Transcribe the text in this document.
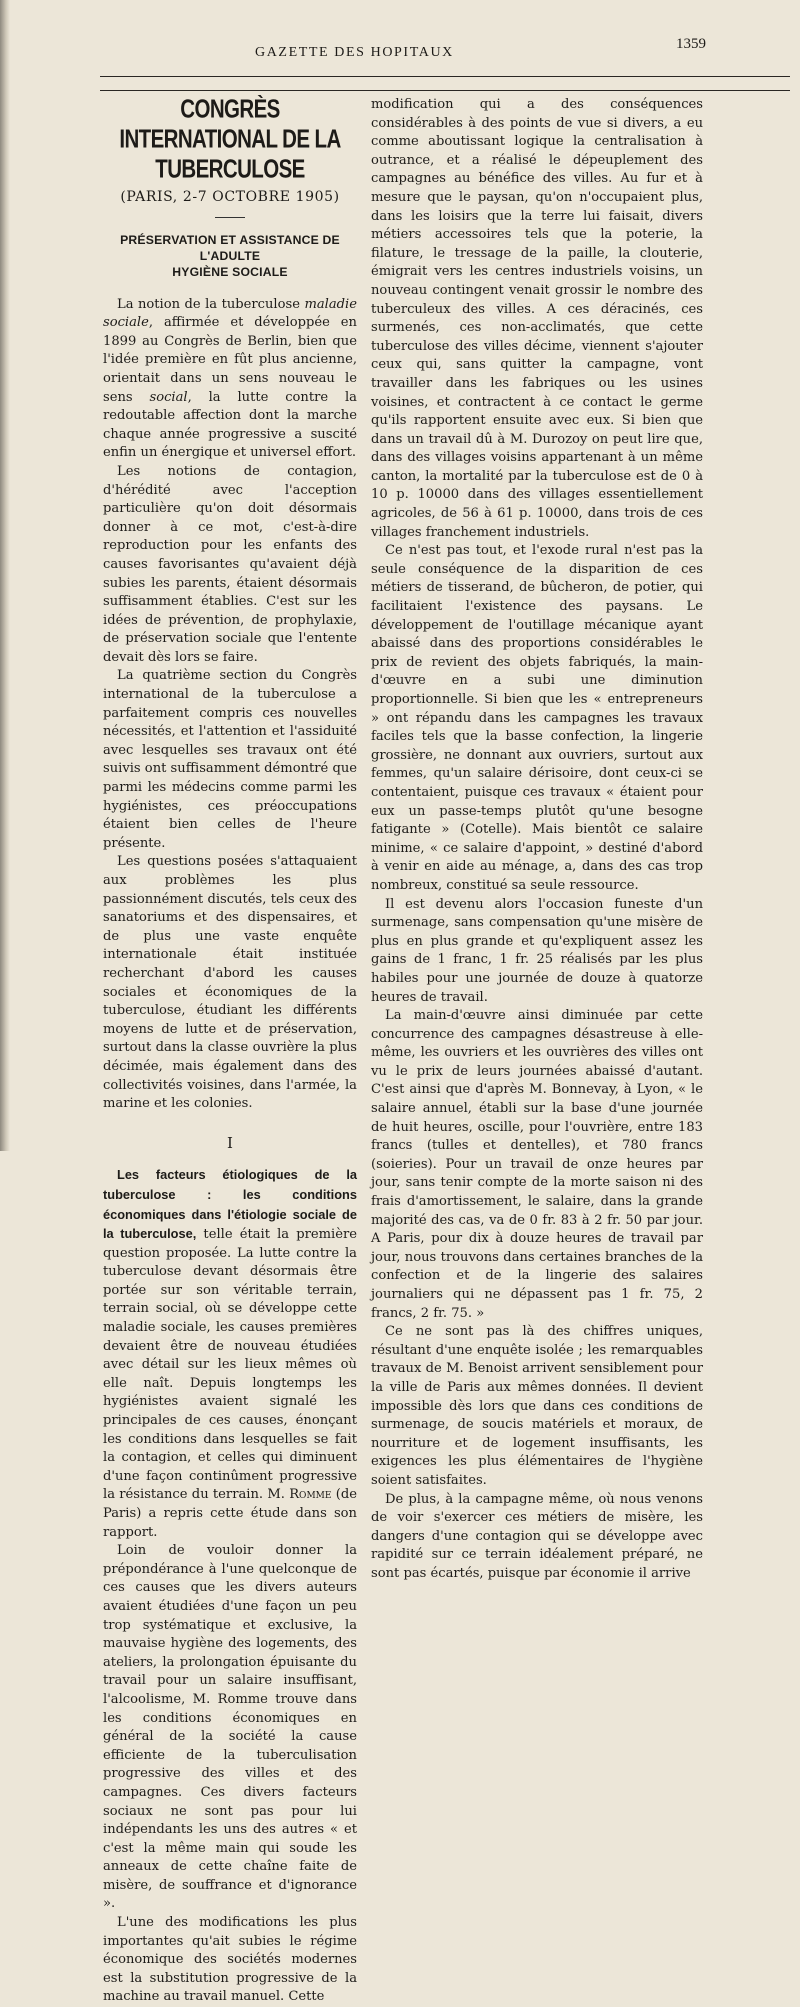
GAZETTE DES HOPITAUX
1359
CONGRÈS INTERNATIONAL DE LA TUBERCULOSE
(PARIS, 2-7 OCTOBRE 1905)
PRÉSERVATION ET ASSISTANCE DE L'ADULTE
HYGIÈNE SOCIALE

La notion de la tuberculose maladie sociale, affirmée et développée en 1899 au Congrès de Berlin, bien que l'idée première en fût plus ancienne, orientait dans un sens nouveau le sens social, la lutte contre la redoutable affection dont la marche chaque année progressive a suscité enfin un énergique et universel effort.

Les notions de contagion, d'hérédité avec l'acception particulière qu'on doit désormais donner à ce mot, c'est-à-dire reproduction pour les enfants des causes favorisantes qu'avaient déjà subies les parents, étaient désormais suffisamment établies. C'est sur les idées de prévention, de prophylaxie, de préservation sociale que l'entente devait dès lors se faire.

La quatrième section du Congrès international de la tuberculose a parfaitement compris ces nouvelles nécessités, et l'attention et l'assiduité avec lesquelles ses travaux ont été suivis ont suffisamment démontré que parmi les médecins comme parmi les hygiénistes, ces préoccupations étaient bien celles de l'heure présente.

Les questions posées s'attaquaient aux problèmes les plus passionnément discutés, tels ceux des sanatoriums et des dispensaires, et de plus une vaste enquête internationale était instituée recherchant d'abord les causes sociales et économiques de la tuberculose, étudiant les différents moyens de lutte et de préservation, surtout dans la classe ouvrière la plus décimée, mais également dans des collectivités voisines, dans l'armée, la marine et les colonies.

I

Les facteurs étiologiques de la tuberculose : les conditions économiques dans l'étiologie sociale de la tuberculose, telle était la première question proposée. La lutte contre la tuberculose devant désormais être portée sur son véritable terrain, terrain social, où se développe cette maladie sociale, les causes premières devaient être de nouveau étudiées avec détail sur les lieux mêmes où elle naît. Depuis longtemps les hygiénistes avaient signalé les principales de ces causes, énonçant les conditions dans lesquelles se fait la contagion, et celles qui diminuent d'une façon continûment progressive la résistance du terrain. M. Romme (de Paris) a repris cette étude dans son rapport.

Loin de vouloir donner la prépondérance à l'une quelconque de ces causes que les divers auteurs avaient étudiées d'une façon un peu trop systématique et exclusive, la mauvaise hygiène des logements, des ateliers, la prolongation épuisante du travail pour un salaire insuffisant, l'alcoolisme, M. Romme trouve dans les conditions économiques en général de la société la cause efficiente de la tuberculisation progressive des villes et des campagnes. Ces divers facteurs sociaux ne sont pas pour lui indépendants les uns des autres « et c'est la même main qui soude les anneaux de cette chaîne faite de misère, de souffrance et d'ignorance ».

L'une des modifications les plus importantes qu'ait subies le régime économique des sociétés modernes est la substitution progressive de la machine au travail manuel. Cette

modification qui a des conséquences considérables à des points de vue si divers, a eu comme aboutissant logique la centralisation à outrance, et a réalisé le dépeuplement des campagnes au bénéfice des villes. Au fur et à mesure que le paysan, qu'on n'occupaient plus, dans les loisirs que la terre lui faisait, divers métiers accessoires tels que la poterie, la filature, le tressage de la paille, la clouterie, émigrait vers les centres industriels voisins, un nouveau contingent venait grossir le nombre des tuberculeux des villes. A ces déracinés, ces surmenés, ces non-acclimatés, que cette tuberculose des villes décime, viennent s'ajouter ceux qui, sans quitter la campagne, vont travailler dans les fabriques ou les usines voisines, et contractent à ce contact le germe qu'ils rapportent ensuite avec eux. Si bien que dans un travail dû à M. Durozoy on peut lire que, dans des villages voisins appartenant à un même canton, la mortalité par la tuberculose est de 0 à 10 p. 10000 dans des villages essentiellement agricoles, de 56 à 61 p. 10000, dans trois de ces villages franchement industriels.

Ce n'est pas tout, et l'exode rural n'est pas la seule conséquence de la disparition de ces métiers de tisserand, de bûcheron, de potier, qui facilitaient l'existence des paysans. Le développement de l'outillage mécanique ayant abaissé dans des proportions considérables le prix de revient des objets fabriqués, la main-d'œuvre en a subi une diminution proportionnelle. Si bien que les « entrepreneurs » ont répandu dans les campagnes les travaux faciles tels que la basse confection, la lingerie grossière, ne donnant aux ouvriers, surtout aux femmes, qu'un salaire dérisoire, dont ceux-ci se contentaient, puisque ces travaux « étaient pour eux un passe-temps plutôt qu'une besogne fatigante » (Cotelle). Mais bientôt ce salaire minime, « ce salaire d'appoint, » destiné d'abord à venir en aide au ménage, a, dans des cas trop nombreux, constitué sa seule ressource.

Il est devenu alors l'occasion funeste d'un surmenage, sans compensation qu'une misère de plus en plus grande et qu'expliquent assez les gains de 1 franc, 1 fr. 25 réalisés par les plus habiles pour une journée de douze à quatorze heures de travail.

La main-d'œuvre ainsi diminuée par cette concurrence des campagnes désastreuse à elle-même, les ouvriers et les ouvrières des villes ont vu le prix de leurs journées abaissé d'autant. C'est ainsi que d'après M. Bonnevay, à Lyon, « le salaire annuel, établi sur la base d'une journée de huit heures, oscille, pour l'ouvrière, entre 183 francs (tulles et dentelles), et 780 francs (soieries). Pour un travail de onze heures par jour, sans tenir compte de la morte saison ni des frais d'amortissement, le salaire, dans la grande majorité des cas, va de 0 fr. 83 à 2 fr. 50 par jour. A Paris, pour dix à douze heures de travail par jour, nous trouvons dans certaines branches de la confection et de la lingerie des salaires journaliers qui ne dépassent pas 1 fr. 75, 2 francs, 2 fr. 75. »

Ce ne sont pas là des chiffres uniques, résultant d'une enquête isolée ; les remarquables travaux de M. Benoist arrivent sensiblement pour la ville de Paris aux mêmes données. Il devient impossible dès lors que dans ces conditions de surmenage, de soucis matériels et moraux, de nourriture et de logement insuffisants, les exigences les plus élémentaires de l'hygiène soient satisfaites.

De plus, à la campagne même, où nous venons de voir s'exercer ces métiers de misère, les dangers d'une contagion qui se développe avec rapidité sur ce terrain idéalement préparé, ne sont pas écartés, puisque par économie il arrive
